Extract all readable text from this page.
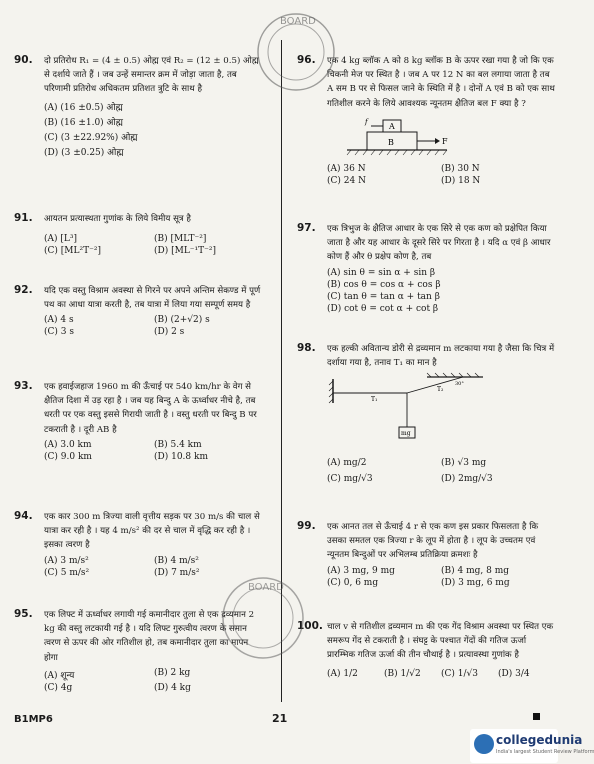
90. दो प्रतिरोध R₁ = (4 ± 0.5) ओह्म एवं R₂ = (12 ± 0.5) ओह्म से दर्शाये जाते हैं । जब उन्हें समान्तर क्रम में जोड़ा जाता है, तब परिणामी प्रतिरोध अधिकतम प्रतिशत त्रुटि के साथ है
(A) (16 ±0.5) ओह्म
(B) (16 ±1.0) ओह्म
(C) (3 ±22.92%) ओह्म
(D) (3 ±0.25) ओह्म
91. आयतन प्रत्यास्थता गुणांक के लिये विमीय सूत्र है
(A) [L³]	(B) [MLT⁻²]
(C) [ML²T⁻²]	(D) [ML⁻¹T⁻²]
92. यदि एक वस्तु विश्राम अवस्था से गिरने पर अपने अन्तिम सेकण्ड में पूर्ण पथ का आधा यात्रा करती है, तब यात्रा में लिया गया सम्पूर्ण समय है
(A) 4 s	(B) (2+√2) s
(C) 3 s	(D) 2 s
93. एक हवाईजहाज 1960 m की ऊँचाई पर 540 km/hr के वेग से क्षैतिज दिशा में उड़ रहा है । जब यह बिन्दु A के ऊर्ध्वाधर नीचे है, तब धरती पर एक वस्तु इससे गिरायी जाती है । वस्तु धरती पर बिन्दु B पर टकराती है । दूरी AB है
(A) 3.0 km	(B) 5.4 km
(C) 9.0 km	(D) 10.8 km
94. एक कार 300 m त्रिज्या वाली वृत्तीय सड़क पर 30 m/s की चाल से यात्रा कर रही है । यह 4 m/s² की दर से चाल में वृद्धि कर रही है । इसका त्वरण है
(A) 3 m/s²	(B) 4 m/s²
(C) 5 m/s²	(D) 7 m/s²
95. एक लिफ्ट में ऊर्ध्वाधर लगायी गई कमानीदार तुला से एक द्रव्यमान 2 kg की वस्तु लटकायी गई है । यदि लिफ्ट गुरुत्वीय त्वरण के समान त्वरण से ऊपर की ओर गतिशील हो, तब कमानीदार तुला का मापन होगा
(A) शून्य	(B) 2 kg
(C) 4g	(D) 4 kg
96. एक 4 kg ब्लॉक A को 8 kg ब्लॉक B के ऊपर रखा गया है जो कि एक चिकनी मेज पर स्थित है । जब A पर 12 N का बल लगाया जाता है तब A सम B पर से फिसल जाने के स्थिति में है । दोनों A एवं B को एक साथ गतिशील करने के लिये आवश्यक न्यूनतम क्षैतिज बल F क्या है ?
B
A
f
F
(A) 36 N	(B) 30 N
(C) 24 N	(D) 18 N
97. एक त्रिभुज के क्षैतिज आधार के एक सिरे से एक कण को प्रक्षेपित किया जाता है और यह आधार के दूसरे सिरे पर गिरता है । यदि α एवं β आधार कोण हैं और θ प्रक्षेप कोण है, तब
(A) sin θ = sin α + sin β
(B) cos θ = cos α + cos β
(C) tan θ = tan α + tan β
(D) cot θ = cot α + cot β
98. एक हल्की अवितान्य डोरी से द्रव्यमान m लटकाया गया है जैसा कि चित्र में दर्शाया गया है, तनाव T₁ का मान है
mg
T₁
T₂
30°
(A) mg/2	(B) √3 mg
(C) mg/√3	(D) 2mg/√3
99. एक आनत तल से ऊँचाई 4 r से एक कण इस प्रकार फिसलता है कि उसका समतल एक त्रिज्या r के लूप में होता है । लूप के उच्चतम एवं न्यूनतम बिन्दुओं पर अभिलम्ब प्रतिक्रिया क्रमशः है
(A) 3 mg, 9 mg	(B) 4 mg, 8 mg
(C) 0, 6 mg	(D) 3 mg, 6 mg
100. चाल v से गतिशील द्रव्यमान m की एक गेंद विश्राम अवस्था पर स्थित एक समरूप गेंद से टकराती है । संघट्ट के पश्चात गेंदों की गतिज ऊर्जा प्रारम्भिक गतिज ऊर्जा की तीन चौथाई है । प्रत्यावस्था गुणांक है
(A) 1/2	(B) 1/√2	(C) 1/√3	(D) 3/4
BOARD
BOARD
B1MP6	21
collegedunia
India's largest Student Review Platform
